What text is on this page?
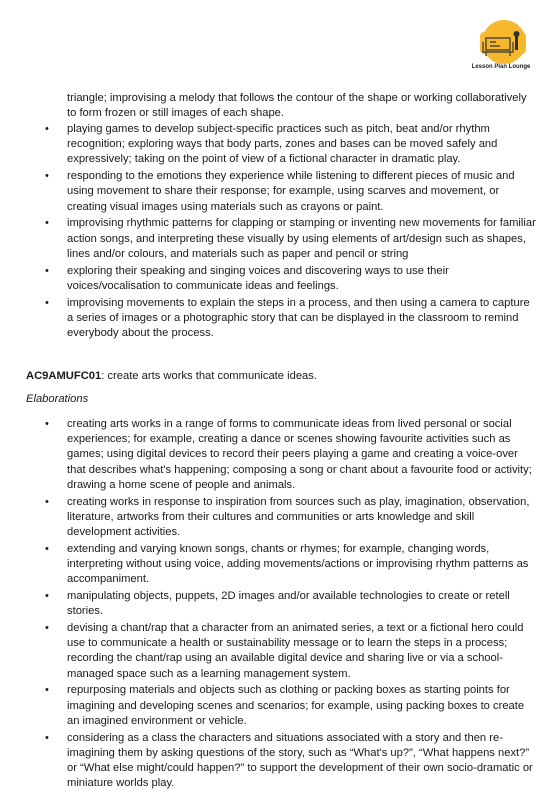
Lesson Plan Lounge
triangle; improvising a melody that follows the contour of the shape or working collaboratively to form frozen or still images of each shape.
• playing games to develop subject-specific practices such as pitch, beat and/or rhythm recognition; exploring ways that body parts, zones and bases can be moved safely and expressively; taking on the point of view of a fictional character in dramatic play.
• responding to the emotions they experience while listening to different pieces of music and using movement to share their response; for example, using scarves and movement, or creating visual images using materials such as crayons or paint.
• improvising rhythmic patterns for clapping or stamping or inventing new movements for familiar action songs, and interpreting these visually by using elements of art/design such as shapes, lines and/or colours, and materials such as paper and pencil or string
• exploring their speaking and singing voices and discovering ways to use their voices/vocalisation to communicate ideas and feelings.
• improvising movements to explain the steps in a process, and then using a camera to capture a series of images or a photographic story that can be displayed in the classroom to remind everybody about the process.
AC9AMUFC01: create arts works that communicate ideas.
Elaborations
• creating arts works in a range of forms to communicate ideas from lived personal or social experiences; for example, creating a dance or scenes showing favourite activities such as games; using digital devices to record their peers playing a game and creating a voice-over that describes what's happening; composing a song or chant about a favourite food or activity; drawing a home scene of people and animals.
• creating works in response to inspiration from sources such as play, imagination, observation, literature, artworks from their cultures and communities or arts knowledge and skill development activities.
• extending and varying known songs, chants or rhymes; for example, changing words, interpreting without using voice, adding movements/actions or improvising rhythm patterns as accompaniment.
• manipulating objects, puppets, 2D images and/or available technologies to create or retell stories.
• devising a chant/rap that a character from an animated series, a text or a fictional hero could use to communicate a health or sustainability message or to learn the steps in a process; recording the chant/rap using an available digital device and sharing live or via a school-managed space such as a learning management system.
• repurposing materials and objects such as clothing or packing boxes as starting points for imagining and developing scenes and scenarios; for example, using packing boxes to create an imagined environment or vehicle.
• considering as a class the characters and situations associated with a story and then re-imagining them by asking questions of the story, such as “What's up?”, “What happens next?” or “What else might/could happen?” to support the development of their own socio-dramatic or miniature worlds play.
